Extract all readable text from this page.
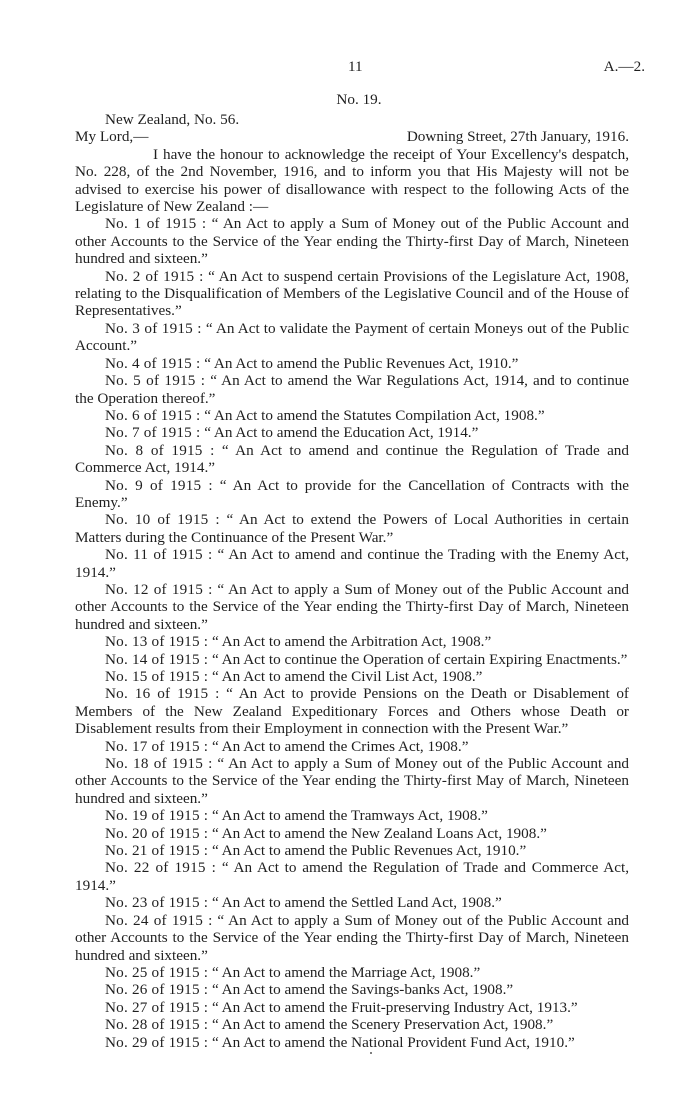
11	A.—2.
No. 19.
New Zealand, No. 56.
My Lord,—	Downing Street, 27th January, 1916.

I have the honour to acknowledge the receipt of Your Excellency's despatch, No. 228, of the 2nd November, 1916, and to inform you that His Majesty will not be advised to exercise his power of disallowance with respect to the following Acts of the Legislature of New Zealand :—

No. 1 of 1915 : “ An Act to apply a Sum of Money out of the Public Account and other Accounts to the Service of the Year ending the Thirty-first Day of March, Nineteen hundred and sixteen.”

No. 2 of 1915 : “ An Act to suspend certain Provisions of the Legislature Act, 1908, relating to the Disqualification of Members of the Legislative Council and of the House of Representatives.”

No. 3 of 1915 : “ An Act to validate the Payment of certain Moneys out of the Public Account.”

No. 4 of 1915 : “ An Act to amend the Public Revenues Act, 1910.”

No. 5 of 1915 : “ An Act to amend the War Regulations Act, 1914, and to continue the Operation thereof.”

No. 6 of 1915 : “ An Act to amend the Statutes Compilation Act, 1908.”

No. 7 of 1915 : “ An Act to amend the Education Act, 1914.”

No. 8 of 1915 : “ An Act to amend and continue the Regulation of Trade and Commerce Act, 1914.”

No. 9 of 1915 : “ An Act to provide for the Cancellation of Contracts with the Enemy.”

No. 10 of 1915 : “ An Act to extend the Powers of Local Authorities in certain Matters during the Continuance of the Present War.”

No. 11 of 1915 : “ An Act to amend and continue the Trading with the Enemy Act, 1914.”

No. 12 of 1915 : “ An Act to apply a Sum of Money out of the Public Account and other Accounts to the Service of the Year ending the Thirty-first Day of March, Nineteen hundred and sixteen.”

No. 13 of 1915 : “ An Act to amend the Arbitration Act, 1908.”

No. 14 of 1915 : “ An Act to continue the Operation of certain Expiring Enactments.”

No. 15 of 1915 : “ An Act to amend the Civil List Act, 1908.”

No. 16 of 1915 : “ An Act to provide Pensions on the Death or Disablement of Members of the New Zealand Expeditionary Forces and Others whose Death or Disablement results from their Employment in connection with the Present War.”

No. 17 of 1915 : “ An Act to amend the Crimes Act, 1908.”

No. 18 of 1915 : “ An Act to apply a Sum of Money out of the Public Account and other Accounts to the Service of the Year ending the Thirty-first May of March, Nineteen hundred and sixteen.”

No. 19 of 1915 : “ An Act to amend the Tramways Act, 1908.”

No. 20 of 1915 : “ An Act to amend the New Zealand Loans Act, 1908.”

No. 21 of 1915 : “ An Act to amend the Public Revenues Act, 1910.”

No. 22 of 1915 : “ An Act to amend the Regulation of Trade and Commerce Act, 1914.”

No. 23 of 1915 : “ An Act to amend the Settled Land Act, 1908.”

No. 24 of 1915 : “ An Act to apply a Sum of Money out of the Public Account and other Accounts to the Service of the Year ending the Thirty-first Day of March, Nineteen hundred and sixteen.”

No. 25 of 1915 : “ An Act to amend the Marriage Act, 1908.”

No. 26 of 1915 : “ An Act to amend the Savings-banks Act, 1908.”

No. 27 of 1915 : “ An Act to amend the Fruit-preserving Industry Act, 1913.”

No. 28 of 1915 : “ An Act to amend the Scenery Preservation Act, 1908.”

No. 29 of 1915 : “ An Act to amend the National Provident Fund Act, 1910.”
